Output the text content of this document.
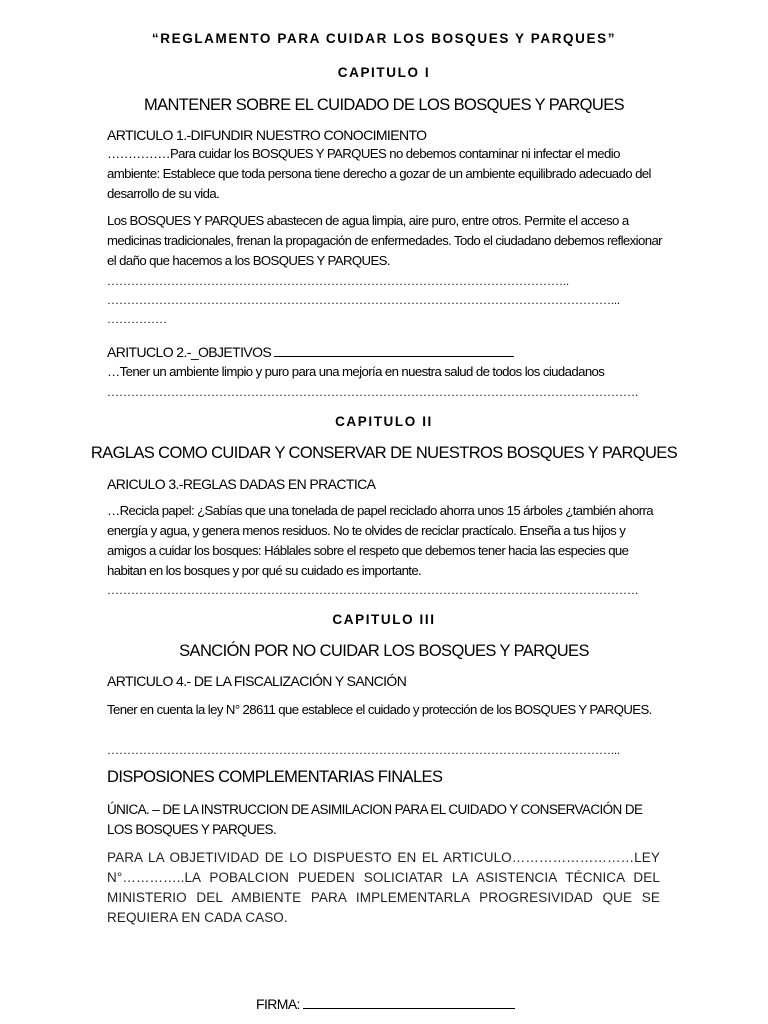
“REGLAMENTO PARA CUIDAR LOS BOSQUES Y PARQUES”
CAPITULO I
MANTENER SOBRE EL CUIDADO DE LOS BOSQUES Y PARQUES
ARTICULO 1.-DIFUNDIR NUESTRO CONOCIMIENTO
……………Para cuidar los BOSQUES Y PARQUES no debemos contaminar ni infectar el medio ambiente: Establece que toda persona tiene derecho a gozar de un ambiente equilibrado adecuado del desarrollo de su vida.
Los BOSQUES Y PARQUES abastecen de agua limpia, aire puro, entre otros. Permite el acceso a medicinas tradicionales, frenan la propagación de enfermedades. Todo el ciudadano debemos reflexionar el daño que hacemos a los BOSQUES Y PARQUES.
……………………………………………………………………………………………………..
………………………………………………………………………………………………………………...
……………
ARITUCLO 2.-_OBJETIVOS
…Tener un ambiente limpio y puro para una mejoría en nuestra salud de todos los ciudadanos
…………………………………………………………………………………………………………………….
CAPITULO II
RAGLAS COMO CUIDAR Y CONSERVAR DE NUESTROS BOSQUES Y PARQUES
ARICULO 3.-REGLAS DADAS EN PRACTICA
…Recicla papel: ¿Sabías que una tonelada de papel reciclado ahorra unos 15 árboles ¿también ahorra energía y agua, y genera menos residuos. No te olvides de reciclar practícalo. Enseña a tus hijos y amigos a cuidar los bosques: Háblales sobre el respeto que debemos tener hacia las especies que habitan en los bosques y por qué su cuidado es importante.
…………………………………………………………………………………………………………………….
CAPITULO III
SANCIÓN POR NO CUIDAR LOS BOSQUES Y PARQUES
ARTICULO 4.- DE LA FISCALIZACIÓN Y SANCIÓN
Tener en cuenta la ley N° 28611 que establece el cuidado y protección de los BOSQUES Y PARQUES.
………………………………………………………………………………………………………………...
DISPOSIONES COMPLEMENTARIAS FINALES
ÚNICA. – DE LA INSTRUCCION DE ASIMILACION PARA EL CUIDADO Y CONSERVACIÓN DE LOS BOSQUES Y PARQUES.
PARA LA OBJETIVIDAD DE LO DISPUESTO EN EL ARTICULO………………………LEY N°…………..LA POBALCION PUEDEN SOLICIATAR LA ASISTENCIA TÉCNICA DEL MINISTERIO DEL AMBIENTE PARA IMPLEMENTARLA PROGRESIVIDAD QUE SE REQUIERA EN CADA CASO.
FIRMA:
